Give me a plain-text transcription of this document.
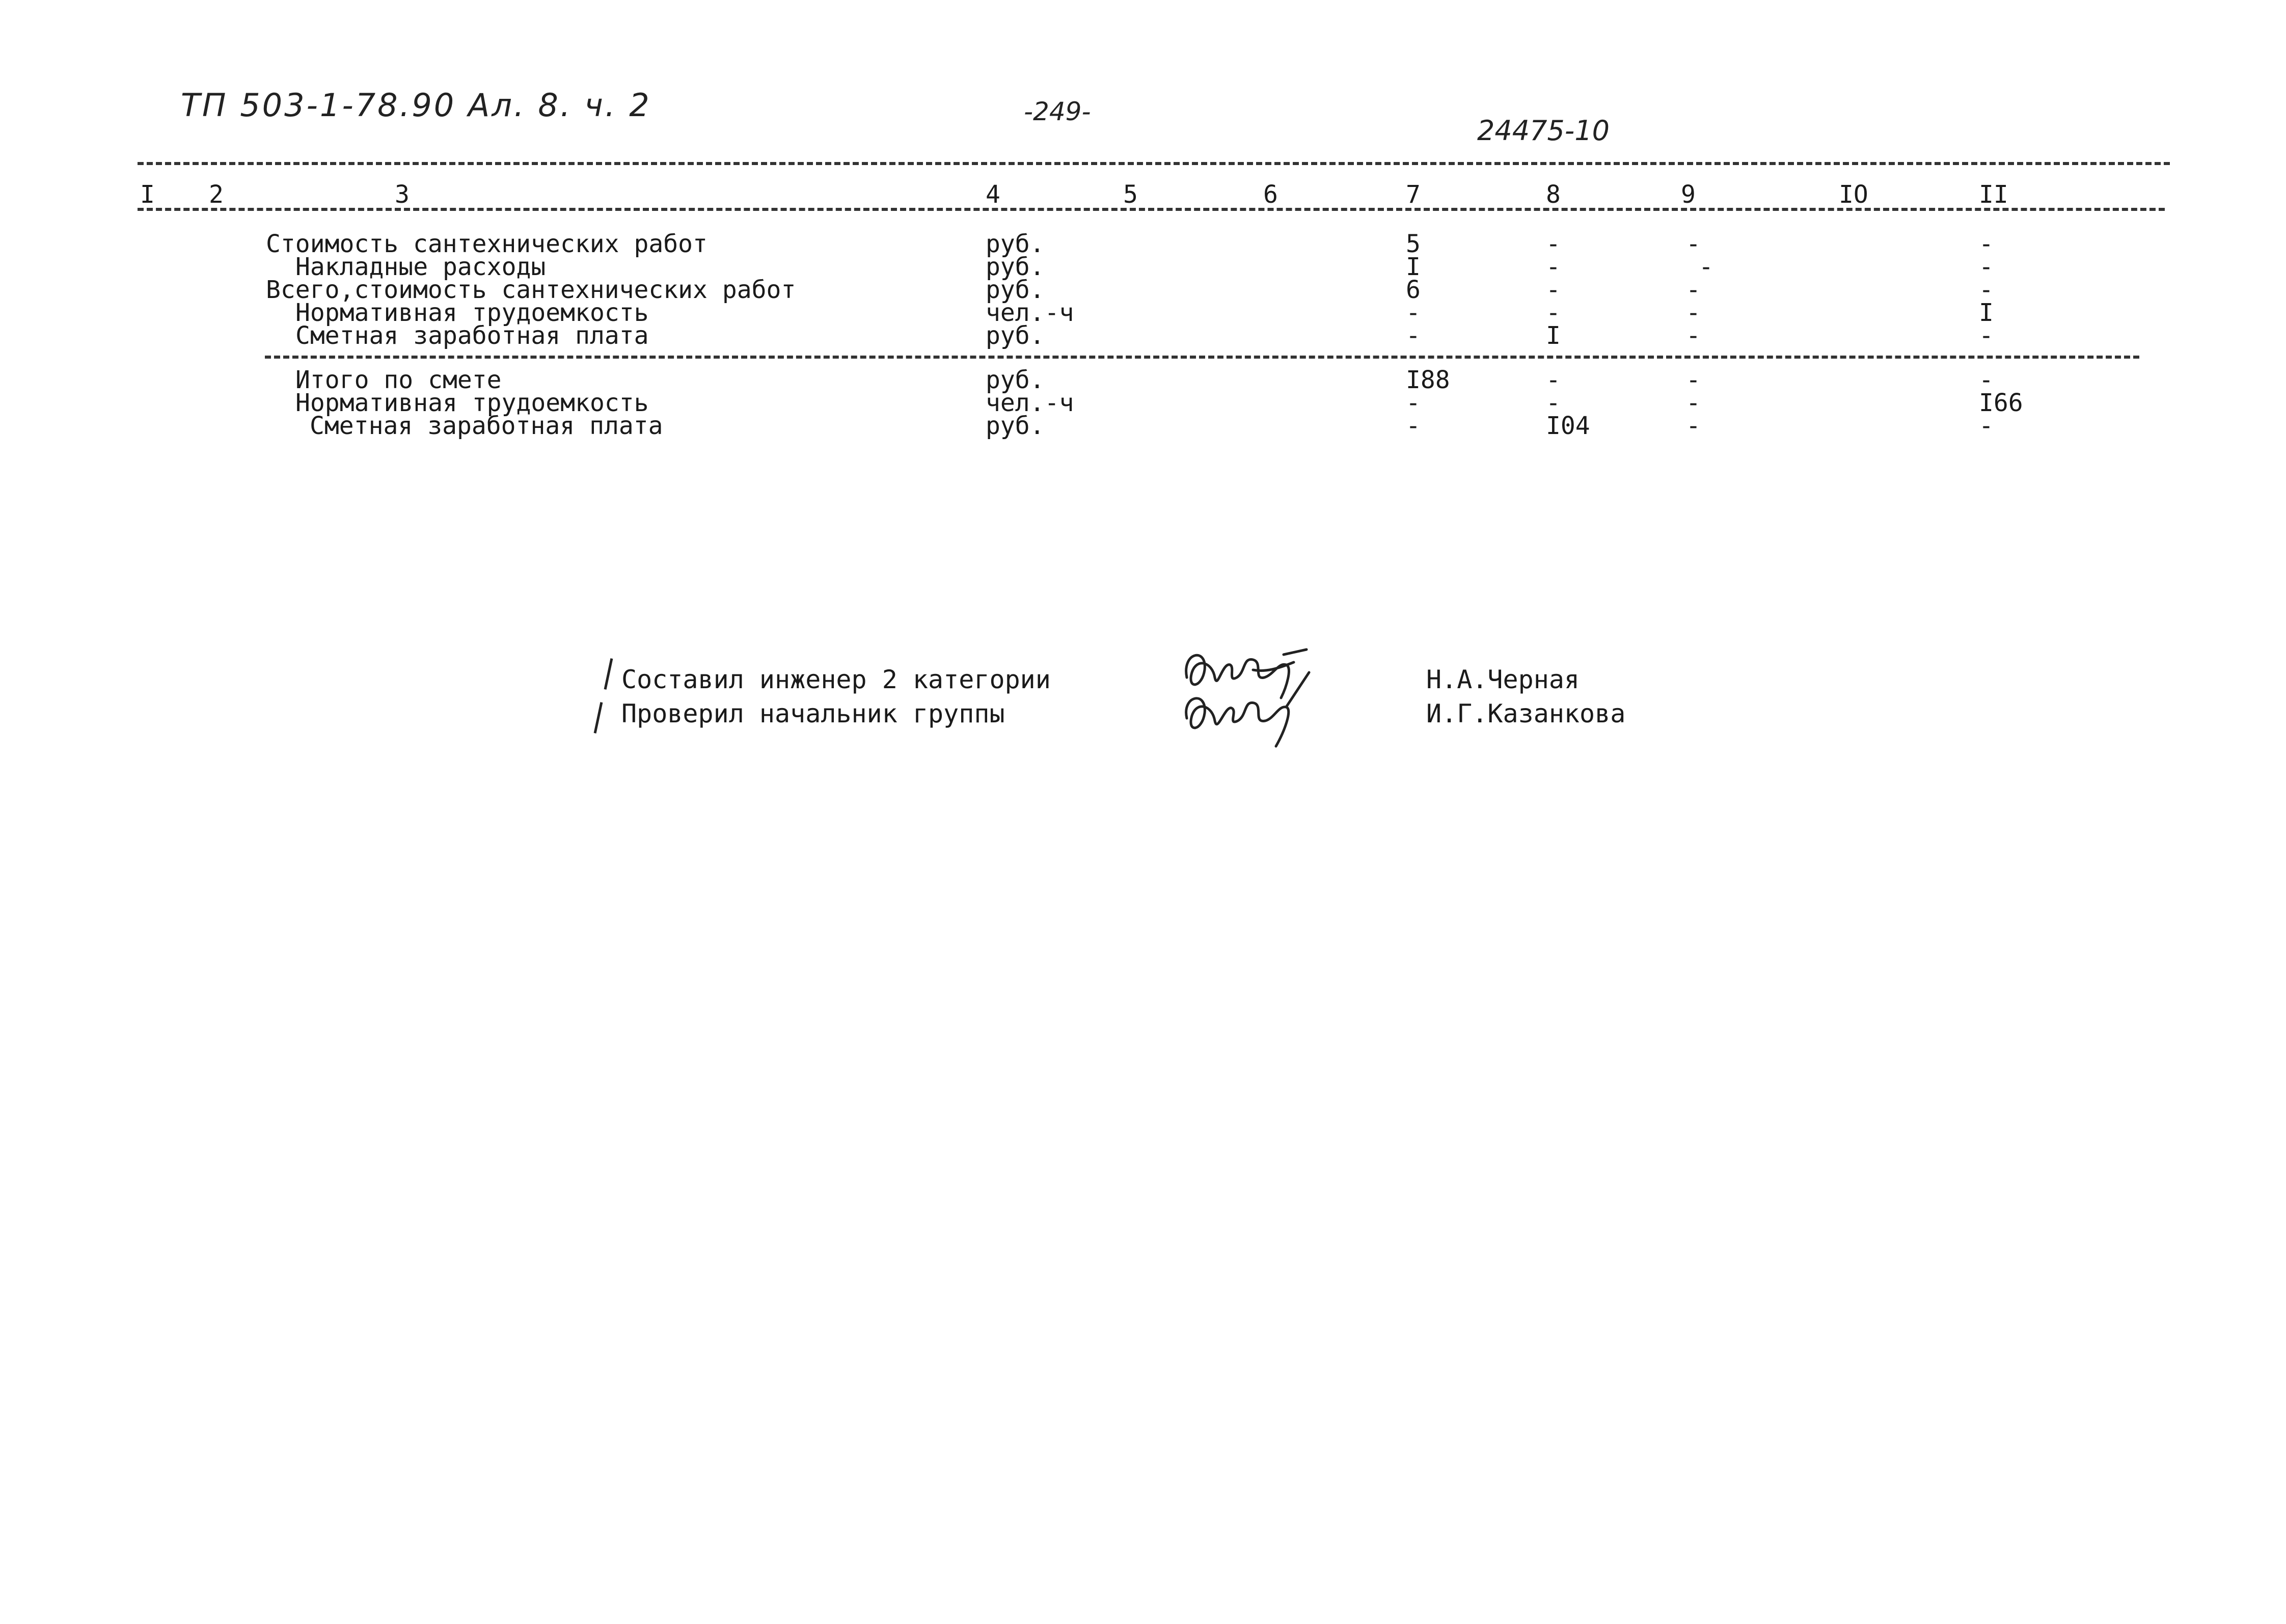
ТП 503-1-78.90 Ал. 8. ч. 2	-249-
24475-10
I 2	3	4	5	6	7	8	9	IO	II
Стоимость сантехнических работ	руб.	5	-	-	-
Накладные расходы	руб.	I	-	-	-
Всего,стоимость сантехнических работ	руб.	6	-	-	-
Нормативная трудоемкость	чел.-ч	-	-	-	I
Сметная заработная плата	руб.	-	I	-	-
Итого по смете	руб.	I88	-	-	-
Нормативная трудоемкость	чел.-ч	-	-	-	I66
Сметная заработная плата	руб.	-	I04	-	-
Составил инженер 2 категории
Проверил начальник группы
Н.А.Черная
И.Г.Казанкова
